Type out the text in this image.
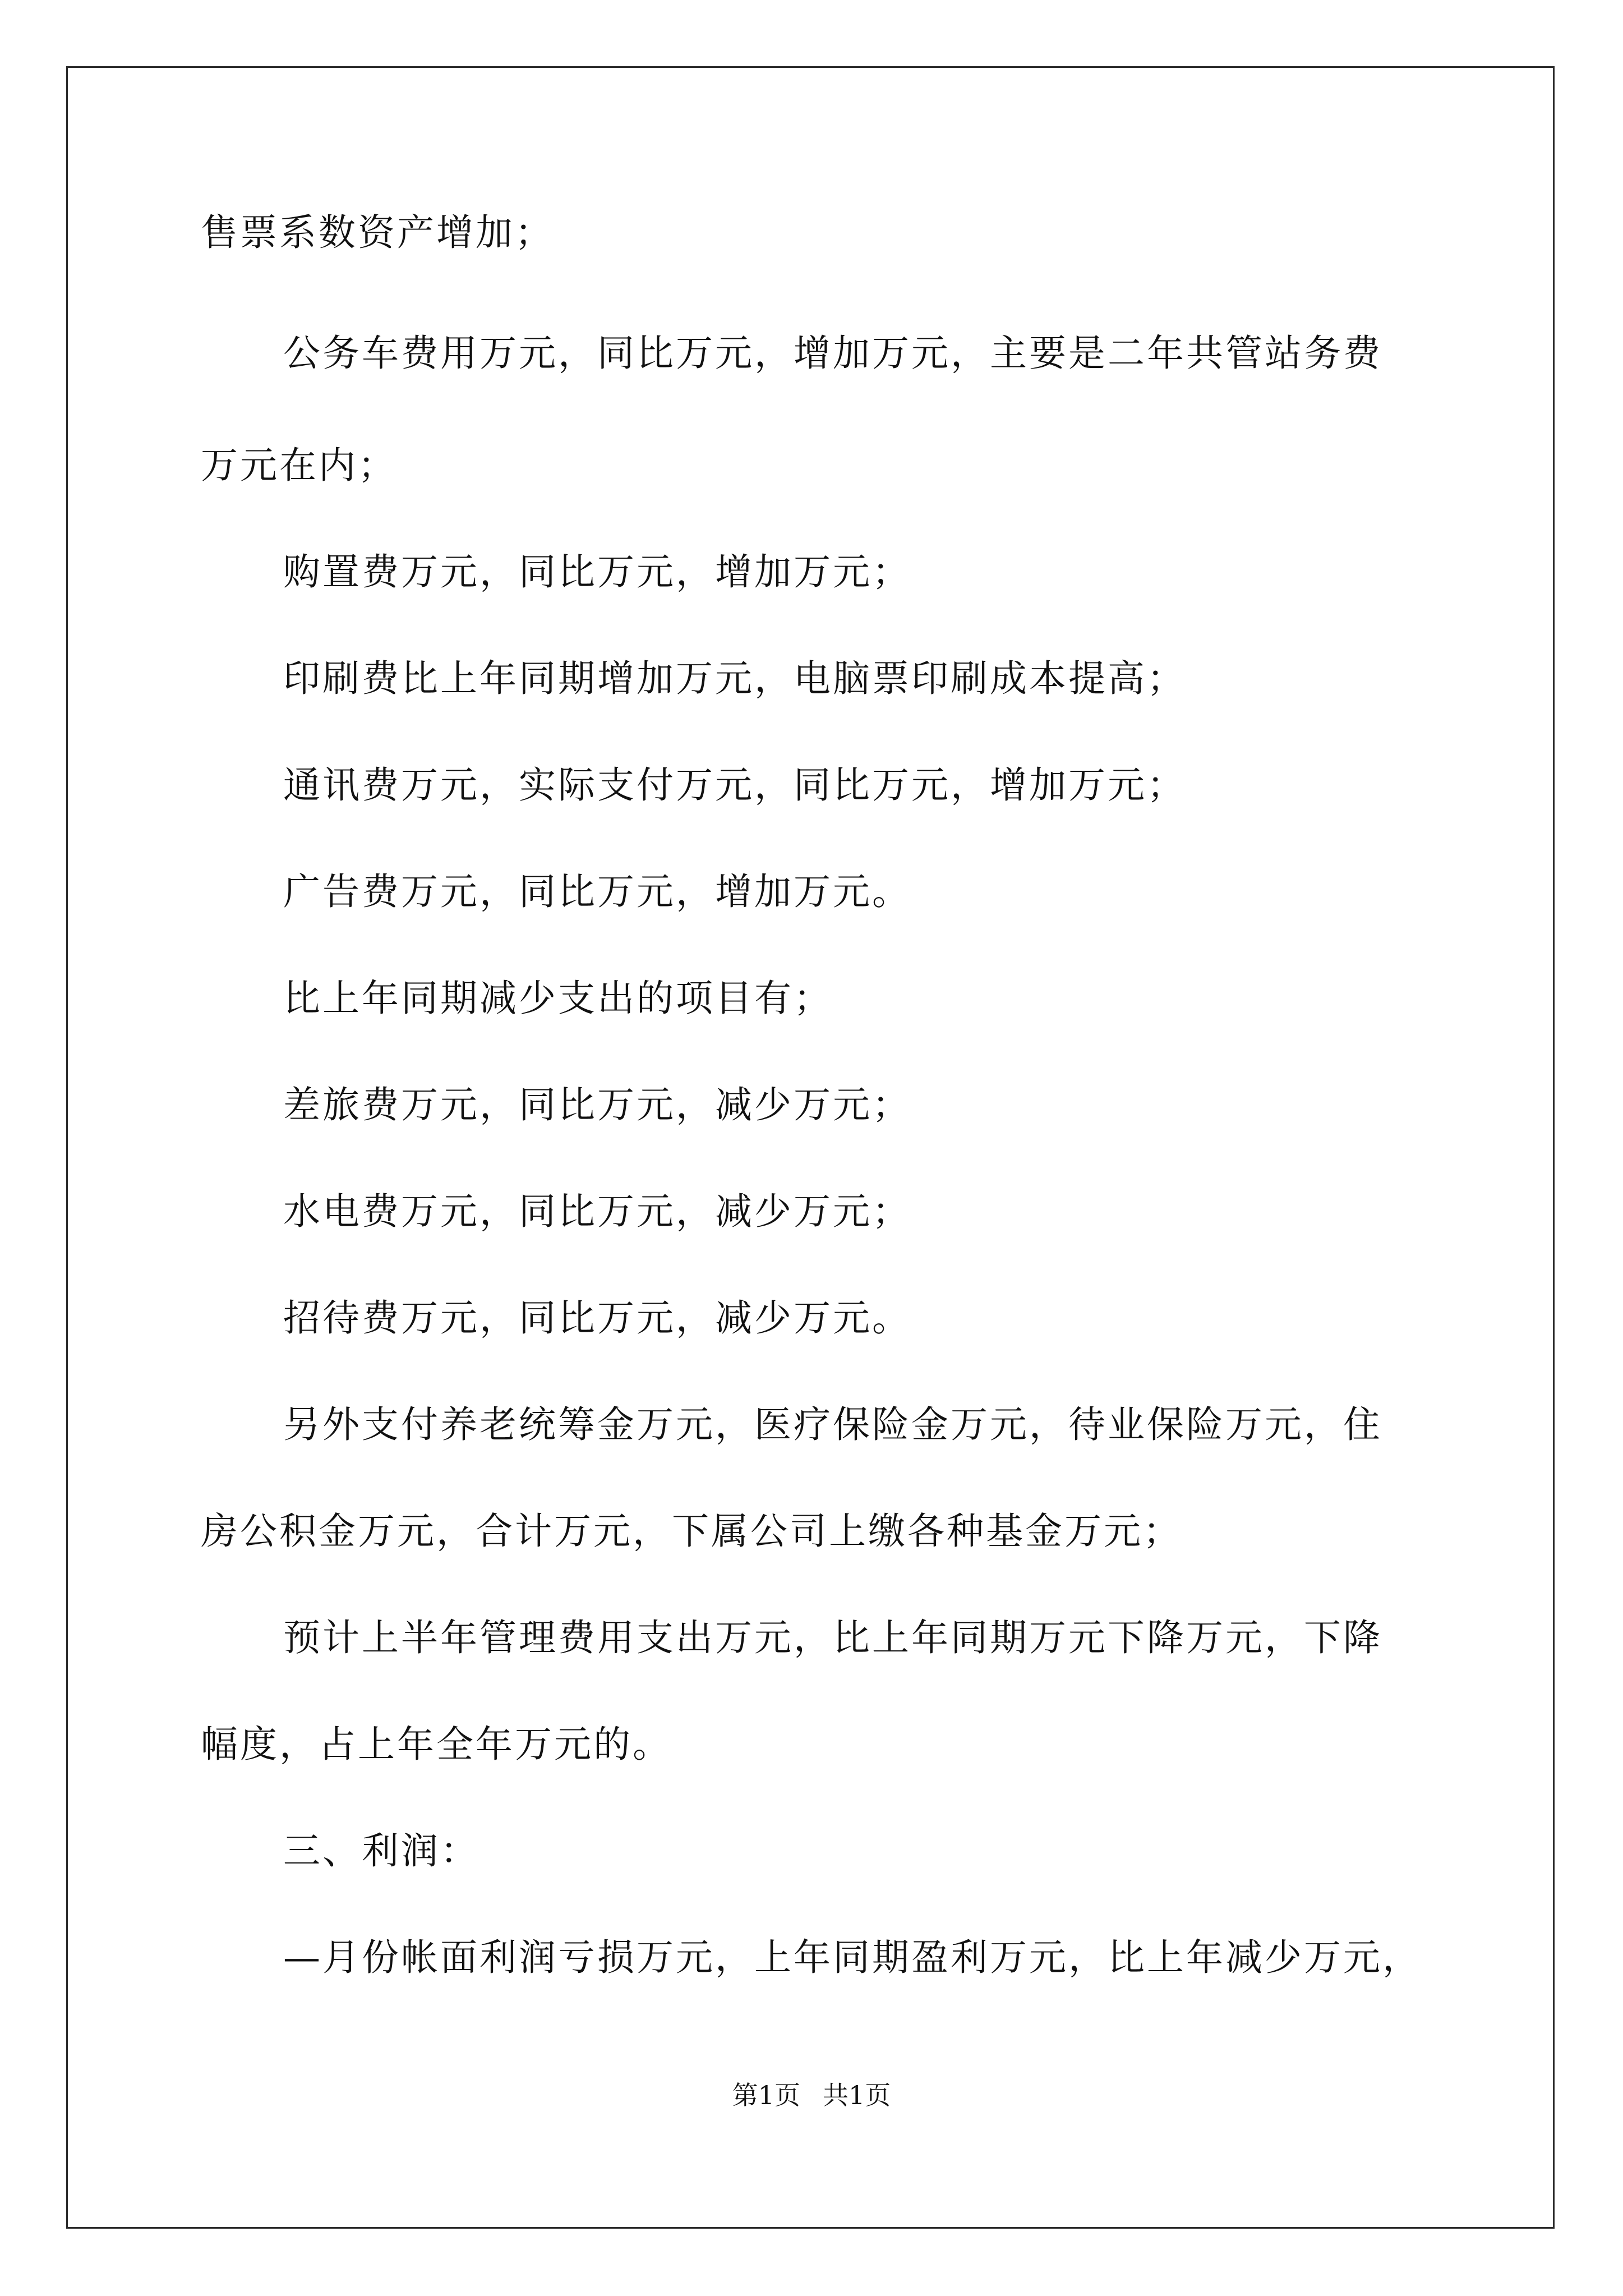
售票系数资产增加；

公务车费用万元，同比万元，增加万元，主要是二年共管站务费

万元在内；

购置费万元，同比万元，增加万元；

印刷费比上年同期增加万元，电脑票印刷成本提高；

通讯费万元，实际支付万元，同比万元，增加万元；

广告费万元，同比万元，增加万元。

比上年同期减少支出的项目有；

差旅费万元，同比万元，减少万元；

水电费万元，同比万元，减少万元；

招待费万元，同比万元，减少万元。

另外支付养老统筹金万元，医疗保险金万元，待业保险万元，住

房公积金万元，合计万元，下属公司上缴各种基金万元；

预计上半年管理费用支出万元，比上年同期万元下降万元，下降

幅度，占上年全年万元的。

三、利润：

—月份帐面利润亏损万元，上年同期盈利万元，比上年减少万元，

第1页 共1页
